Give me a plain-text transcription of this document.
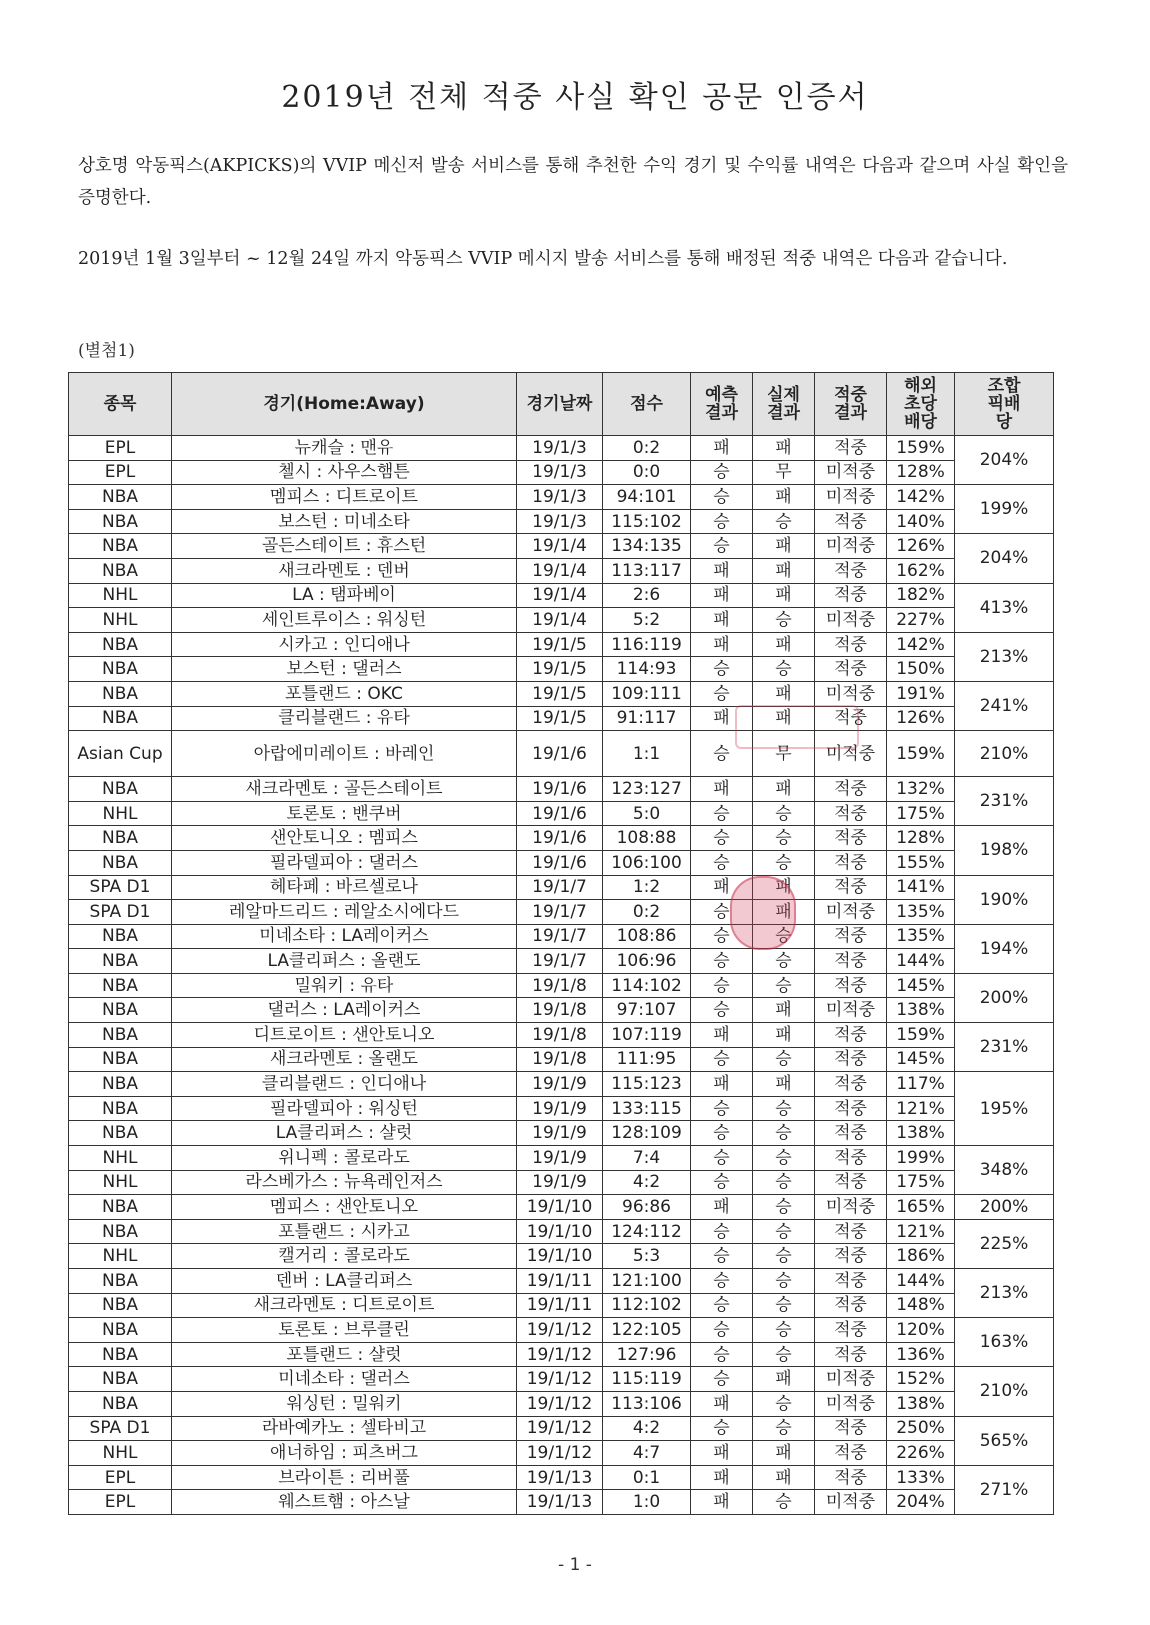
2019년 전체 적중 사실 확인 공문 인증서
상호명 악동픽스(AKPICKS)의 VVIP 메신저 발송 서비스를 통해 추천한 수익 경기 및 수익률 내역은 다음과 같으며 사실 확인을 증명한다.
2019년 1월 3일부터 ~ 12월 24일 까지 악동픽스 VVIP 메시지 발송 서비스를 통해 배정된 적중 내역은 다음과 같습니다.
(별첨1)
종목	경기(Home:Away)	경기날짜	점수	예측결과	실제결과	적중결과	해외초당배당	조합픽배당
EPL	뉴캐슬 : 맨유	19/1/3	0:2	패	패	적중	159%	204%
EPL	첼시 : 사우스햄튼	19/1/3	0:0	승	무	미적중	128%	
NBA	멤피스 : 디트로이트	19/1/3	94:101	승	패	미적중	142%	199%
NBA	보스턴 : 미네소타	19/1/3	115:102	승	승	적중	140%	
NBA	골든스테이트 : 휴스턴	19/1/4	134:135	승	패	미적중	126%	204%
NBA	새크라멘토 : 덴버	19/1/4	113:117	패	패	적중	162%	
NHL	LA : 탬파베이	19/1/4	2:6	패	패	적중	182%	413%
NHL	세인트루이스 : 워싱턴	19/1/4	5:2	패	승	미적중	227%	
NBA	시카고 : 인디애나	19/1/5	116:119	패	패	적중	142%	213%
NBA	보스턴 : 댈러스	19/1/5	114:93	승	승	적중	150%	
NBA	포틀랜드 : OKC	19/1/5	109:111	승	패	미적중	191%	241%
NBA	클리블랜드 : 유타	19/1/5	91:117	패	패	적중	126%	
Asian Cup	아랍에미레이트 : 바레인	19/1/6	1:1	승	무	미적중	159%	210%
NBA	새크라멘토 : 골든스테이트	19/1/6	123:127	패	패	적중	132%	231%
NHL	토론토 : 밴쿠버	19/1/6	5:0	승	승	적중	175%	
NBA	샌안토니오 : 멤피스	19/1/6	108:88	승	승	적중	128%	198%
NBA	필라델피아 : 댈러스	19/1/6	106:100	승	승	적중	155%	
SPA D1	헤타페 : 바르셀로나	19/1/7	1:2	패	패	적중	141%	190%
SPA D1	레알마드리드 : 레알소시에다드	19/1/7	0:2	승	패	미적중	135%	
NBA	미네소타 : LA레이커스	19/1/7	108:86	승	승	적중	135%	194%
NBA	LA클리퍼스 : 올랜도	19/1/7	106:96	승	승	적중	144%	
NBA	밀워키 : 유타	19/1/8	114:102	승	승	적중	145%	200%
NBA	댈러스 : LA레이커스	19/1/8	97:107	승	패	미적중	138%	
NBA	디트로이트 : 샌안토니오	19/1/8	107:119	패	패	적중	159%	231%
NBA	새크라멘토 : 올랜도	19/1/8	111:95	승	승	적중	145%	
NBA	클리블랜드 : 인디애나	19/1/9	115:123	패	패	적중	117%	195%
NBA	필라델피아 : 워싱턴	19/1/9	133:115	승	승	적중	121%	
NBA	LA클리퍼스 : 샬럿	19/1/9	128:109	승	승	적중	138%	
NHL	위니펙 : 콜로라도	19/1/9	7:4	승	승	적중	199%	348%
NHL	라스베가스 : 뉴욕레인저스	19/1/9	4:2	승	승	적중	175%	
NBA	멤피스 : 샌안토니오	19/1/10	96:86	패	승	미적중	165%	200%
NBA	포틀랜드 : 시카고	19/1/10	124:112	승	승	적중	121%	225%
NHL	캘거리 : 콜로라도	19/1/10	5:3	승	승	적중	186%	
NBA	덴버 : LA클리퍼스	19/1/11	121:100	승	승	적중	144%	213%
NBA	새크라멘토 : 디트로이트	19/1/11	112:102	승	승	적중	148%	
NBA	토론토 : 브루클린	19/1/12	122:105	승	승	적중	120%	163%
NBA	포틀랜드 : 샬럿	19/1/12	127:96	승	승	적중	136%	
NBA	미네소타 : 댈러스	19/1/12	115:119	승	패	미적중	152%	210%
NBA	워싱턴 : 밀워키	19/1/12	113:106	패	승	미적중	138%	
SPA D1	라바예카노 : 셀타비고	19/1/12	4:2	승	승	적중	250%	565%
NHL	애너하임 : 피츠버그	19/1/12	4:7	패	패	적중	226%	
EPL	브라이튼 : 리버풀	19/1/13	0:1	패	패	적중	133%	271%
EPL	웨스트햄 : 아스날	19/1/13	1:0	패	승	미적중	204%	
- 1 -
